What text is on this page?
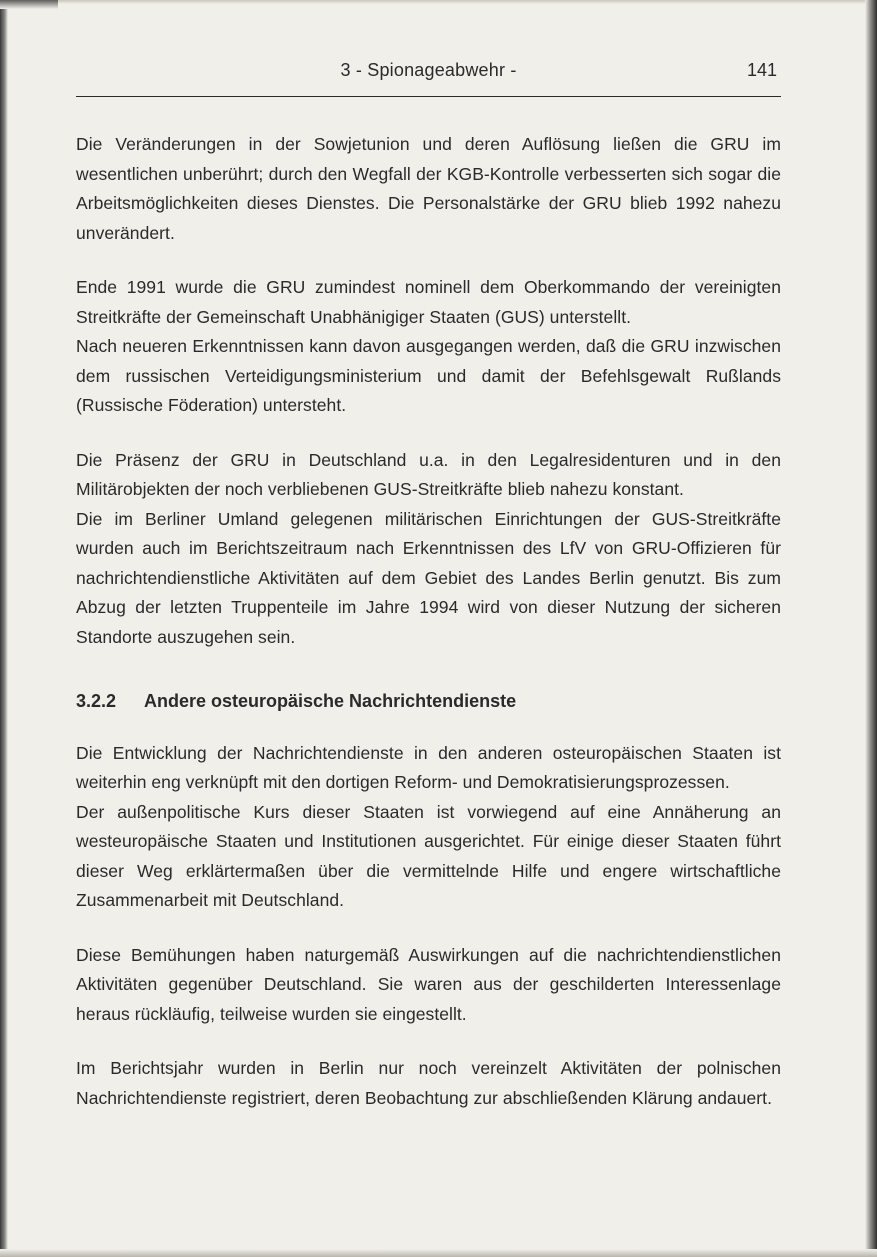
3 - Spionageabwehr -	141

Die Veränderungen in der Sowjetunion und deren Auflösung ließen die GRU im wesentlichen unberührt; durch den Wegfall der KGB-Kontrolle verbesserten sich sogar die Arbeitsmöglichkeiten dieses Dienstes. Die Personalstärke der GRU blieb 1992 nahezu unverändert.

Ende 1991 wurde die GRU zumindest nominell dem Oberkommando der vereinigten Streitkräfte der Gemeinschaft Unabhänigiger Staaten (GUS) unterstellt.

Nach neueren Erkenntnissen kann davon ausgegangen werden, daß die GRU inzwischen dem russischen Verteidigungsministerium und damit der Befehlsgewalt Rußlands (Russische Föderation) untersteht.

Die Präsenz der GRU in Deutschland u.a. in den Legalresidenturen und in den Militärobjekten der noch verbliebenen GUS-Streitkräfte blieb nahezu konstant.

Die im Berliner Umland gelegenen militärischen Einrichtungen der GUS-Streitkräfte wurden auch im Berichtszeitraum nach Erkenntnissen des LfV von GRU-Offizieren für nachrichtendienstliche Aktivitäten auf dem Gebiet des Landes Berlin genutzt. Bis zum Abzug der letzten Truppenteile im Jahre 1994 wird von dieser Nutzung der sicheren Standorte auszugehen sein.

3.2.2 Andere osteuropäische Nachrichtendienste

Die Entwicklung der Nachrichtendienste in den anderen osteuropäischen Staaten ist weiterhin eng verknüpft mit den dortigen Reform- und Demokratisierungsprozessen.

Der außenpolitische Kurs dieser Staaten ist vorwiegend auf eine Annäherung an westeuropäische Staaten und Institutionen ausgerichtet. Für einige dieser Staaten führt dieser Weg erklärtermaßen über die vermittelnde Hilfe und engere wirtschaftliche Zusammenarbeit mit Deutschland.

Diese Bemühungen haben naturgemäß Auswirkungen auf die nachrichtendienstlichen Aktivitäten gegenüber Deutschland. Sie waren aus der geschilderten Interessenlage heraus rückläufig, teilweise wurden sie eingestellt.

Im Berichtsjahr wurden in Berlin nur noch vereinzelt Aktivitäten der polnischen Nachrichtendienste registriert, deren Beobachtung zur abschließenden Klärung andauert.
